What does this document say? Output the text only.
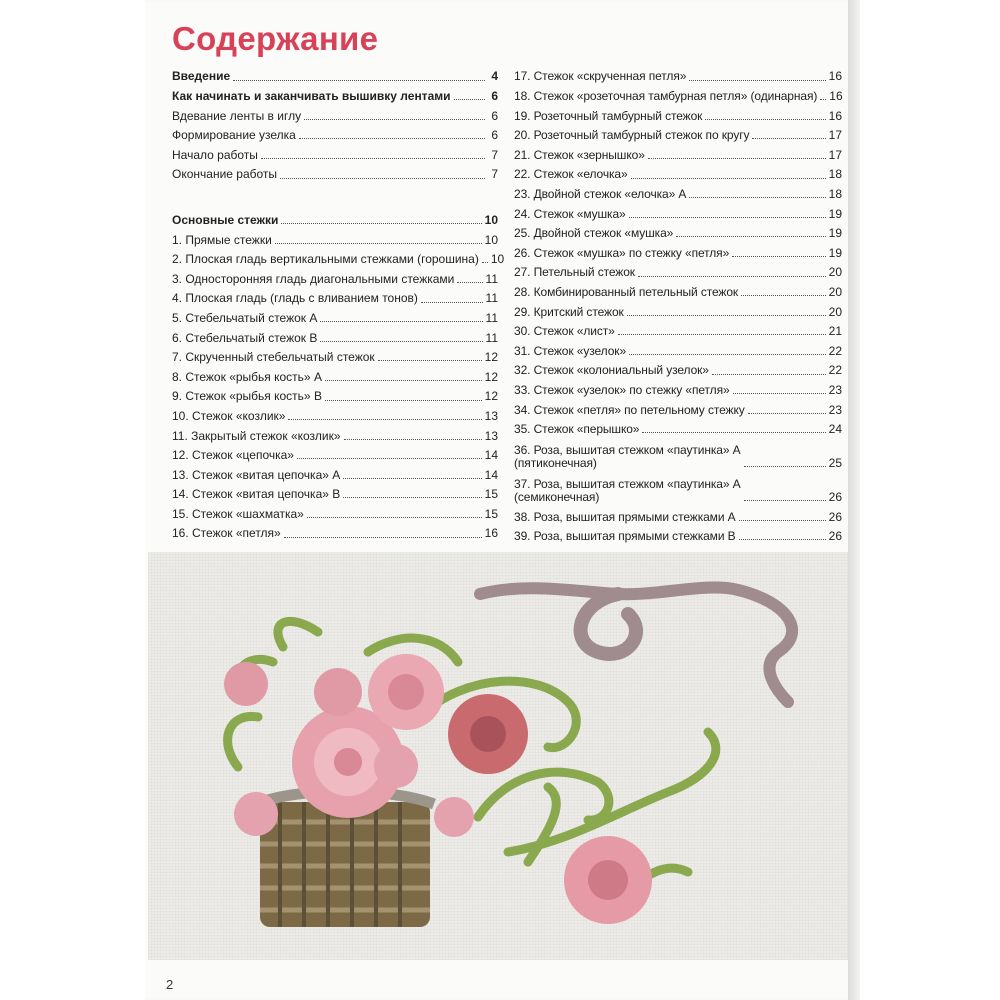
Содержание
Введение	4
Как начинать и заканчивать вышивку лентами	6
Вдевание ленты в иглу	6
Формирование узелка	6
Начало работы	7
Окончание работы	7
Основные стежки	10
1. Прямые стежки	10
2. Плоская гладь вертикальными стежками (горошина) 10
3. Односторонняя гладь диагональными стежками	11
4. Плоская гладь (гладь с вливанием тонов)	11
5. Стебельчатый стежок А	11
6. Стебельчатый стежок В	11
7. Скрученный стебельчатый стежок	12
8. Стежок «рыбья кость» А	12
9. Стежок «рыбья кость» В	12
10. Стежок «козлик»	13
11. Закрытый стежок «козлик»	13
12. Стежок «цепочка»	14
13. Стежок «витая цепочка» А	14
14. Стежок «витая цепочка» В	15
15. Стежок «шахматка»	15
16. Стежок «петля»	16
17. Стежок «скрученная петля»	16
18. Стежок «розеточная тамбурная петля» (одинарная) 16
19. Розеточный тамбурный стежок	16
20. Розеточный тамбурный стежок по кругу	17
21. Стежок «зернышко»	17
22. Стежок «елочка»	18
23. Двойной стежок «елочка» А	18
24. Стежок «мушка»	19
25. Двойной стежок «мушка»	19
26. Стежок «мушка» по стежку «петля»	19
27. Петельный стежок	20
28. Комбинированный петельный стежок	20
29. Критский стежок	20
30. Стежок «лист»	21
31. Стежок «узелок»	22
32. Стежок «колониальный узелок»	22
33. Стежок «узелок» по стежку «петля»	23
34. Стежок «петля» по петельному стежку	23
35. Стежок «перышко»	24
36. Роза, вышитая стежком «паутинка» А
(пятиконечная)	25
37. Роза, вышитая стежком «паутинка» А
(семиконечная)	26
38. Роза, вышитая прямыми стежками А	26
39. Роза, вышитая прямыми стежками В	26
2
